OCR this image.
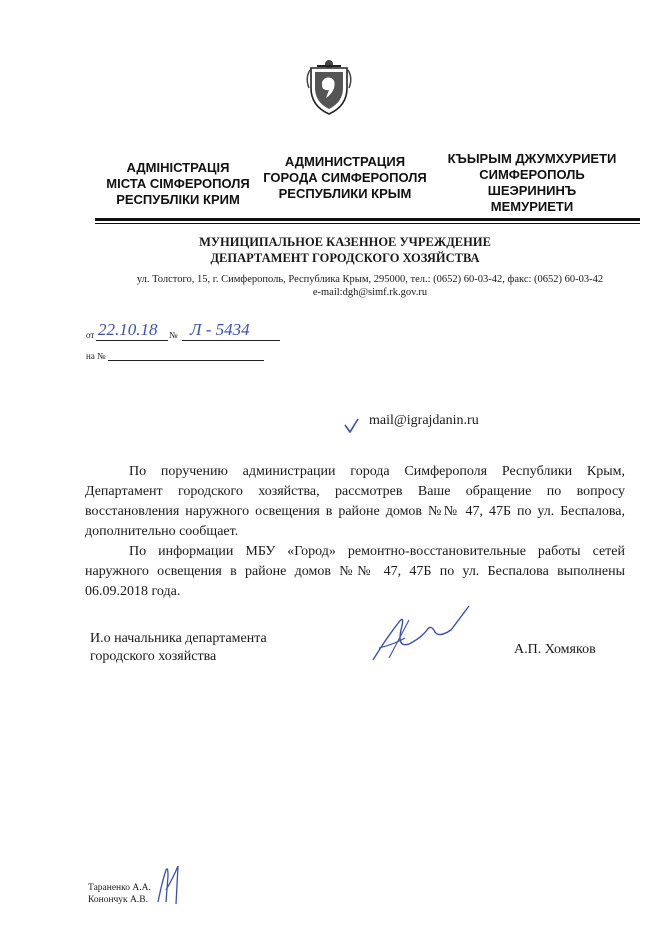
АДМІНІСТРАЦІЯ
МІСТА СІМФЕРОПОЛЯ
РЕСПУБЛІКИ КРИМ
АДМИНИСТРАЦИЯ
ГОРОДА СИМФЕРОПОЛЯ
РЕСПУБЛИКИ КРЫМ
КЪЫРЫМ ДЖУМХУРИЕТИ
СИМФЕРОПОЛЬ
ШЕЭРИНИНЪ
МЕМУРИЕТИ
МУНИЦИПАЛЬНОЕ КАЗЕННОЕ УЧРЕЖДЕНИЕ
ДЕПАРТАМЕНТ ГОРОДСКОГО ХОЗЯЙСТВА
ул. Толстого, 15, г. Симферополь, Республика Крым, 295000, тел.: (0652) 60-03-42, факс: (0652) 60-03-42
e-mail:dgh@simf.rk.gov.ru
от 22.10.18 № Л - 5434
на №
mail@igrajdanin.ru

По поручению администрации города Симферополя Республики Крым, Департамент городского хозяйства, рассмотрев Ваше обращение по вопросу восстановления наружного освещения в районе домов №№ 47, 47Б по ул. Беспалова, дополнительно сообщает.

По информации МБУ «Город» ремонтно-восстановительные работы сетей наружного освещения в районе домов №№ 47, 47Б по ул. Беспалова выполнены 06.09.2018 года.

И.о начальника департамента
городского хозяйства	А.П. Хомяков
Тараненко А.А.
Конончук А.В.
